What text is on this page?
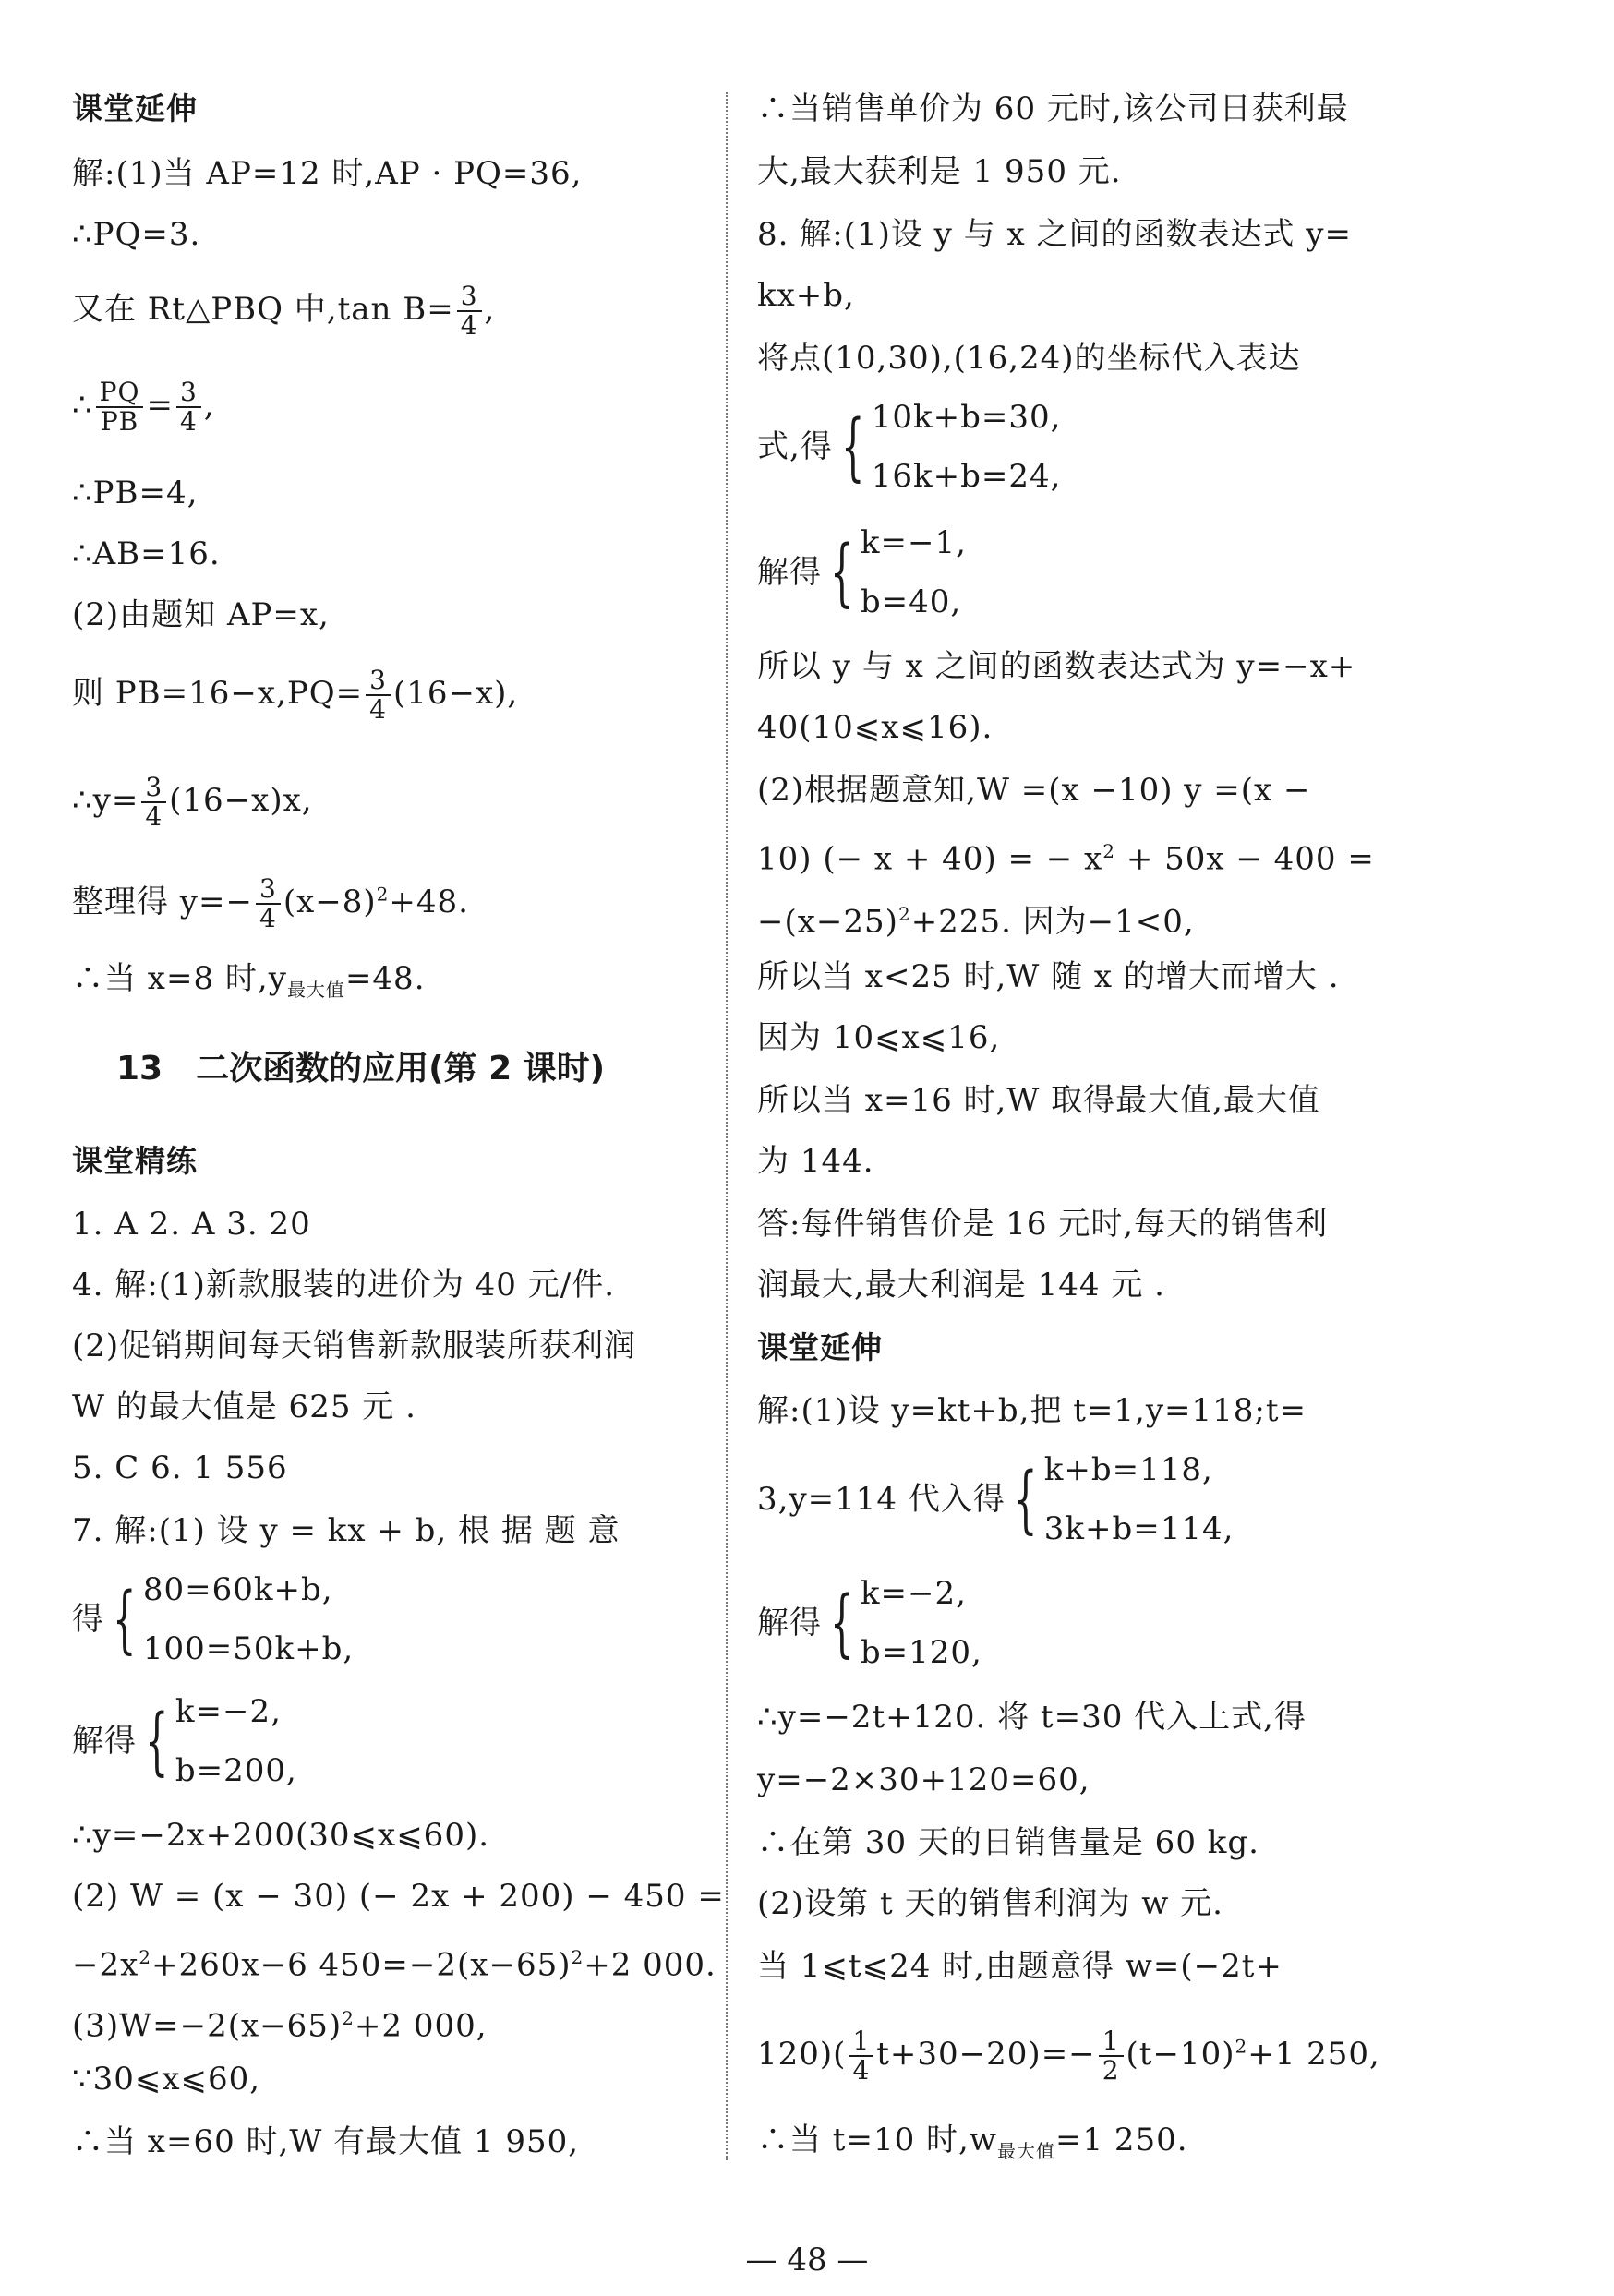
课堂延伸
解:(1)当 AP=12 时,AP · PQ=36,
∴PQ=3.
又在 Rt△PBQ 中,tan $B= \frac{3}{4}$ ,
∴ $\frac{PQ}{PB} = \frac{3}{4}$ ,
∴PB=4,
∴AB=16.
(2)由题知 AP=x,
则 $PB=16-x,PQ= \frac{3}{4} (16-x)$,
∴y= $\frac{3}{4} (16-x)x$,
整理得 $y=- \frac{3}{4} (x-8)^2+48$.
∴当 x=8 时$,y_{最大值}=48$.
13 二次函数的应用(第 2 课时)
课堂精练
1. A 2. A 3. 20
4. 解:(1)新款服装的进价为 40 元/件.
(2)促销期间每天销售新款服装所获利润
W 的最大值是 625 元 .
5. C 6. 1 556
7. 解:(1) 设 y = kx + b, 根 据 题 意
得 { 80=60k+b,
100=50k+b,
解得 { k=−2,
b=200,
∴y=−2x+200(30⩽x⩽60).
(2) W = (x − 30) (− 2x + 200) − 450 =
$-2x^2+260x-6$ $450=-2(x-65)^2+2$ 000.
$(3)W=-2(x-65)^2+2$ 000,
∵30⩽x⩽60,
∴当 x=60 时,W 有最大值 1 950,
∴当销售单价为 60 元时,该公司日获利最
大,最大获利是 1 950 元.
8. 解:(1)设 y 与 x 之间的函数表达式 y=
kx+b,
将点(10,30),(16,24)的坐标代入表达
式,得 { 10k+b=30,
16k+b=24,
解得 { k=−1,
b=40,
所以 y 与 x 之间的函数表达式为 y=−x+
40(10⩽x⩽16).
(2)根据题意知,W =(x −10) y =(x −
10) (− x + 40) = − $x^2 + 50x - 400$ =
$-(x-25)^2+225$. 因为−1<0,
所以当 x<25 时,W 随 x 的增大而增大 .
因为 10⩽x⩽16,
所以当 x=16 时,W 取得最大值,最大值
为 144.
答:每件销售价是 16 元时,每天的销售利
润最大,最大利润是 144 元 .
课堂延伸
解:(1)设 y=kt+b,把 t=1,y=118;t=
3,y=114 代入得 { k+b=118,
3k+b=114,
解得 { k=−2,
b=120,
∴y=−2t+120. 将 t=30 代入上式,得
y=−2×30+120=60,
∴在第 30 天的日销售量是 60 kg.
(2)设第 t 天的销售利润为 w 元.
当 1⩽t⩽24 时,由题意得 w=(−2t+
$120)( \frac{1}{4} t+30-20)=- \frac{1}{2} (t-10)^2+1$ 250,
∴当 t=10 时$,w_{最大值}=1$ 250.
— 48 —
